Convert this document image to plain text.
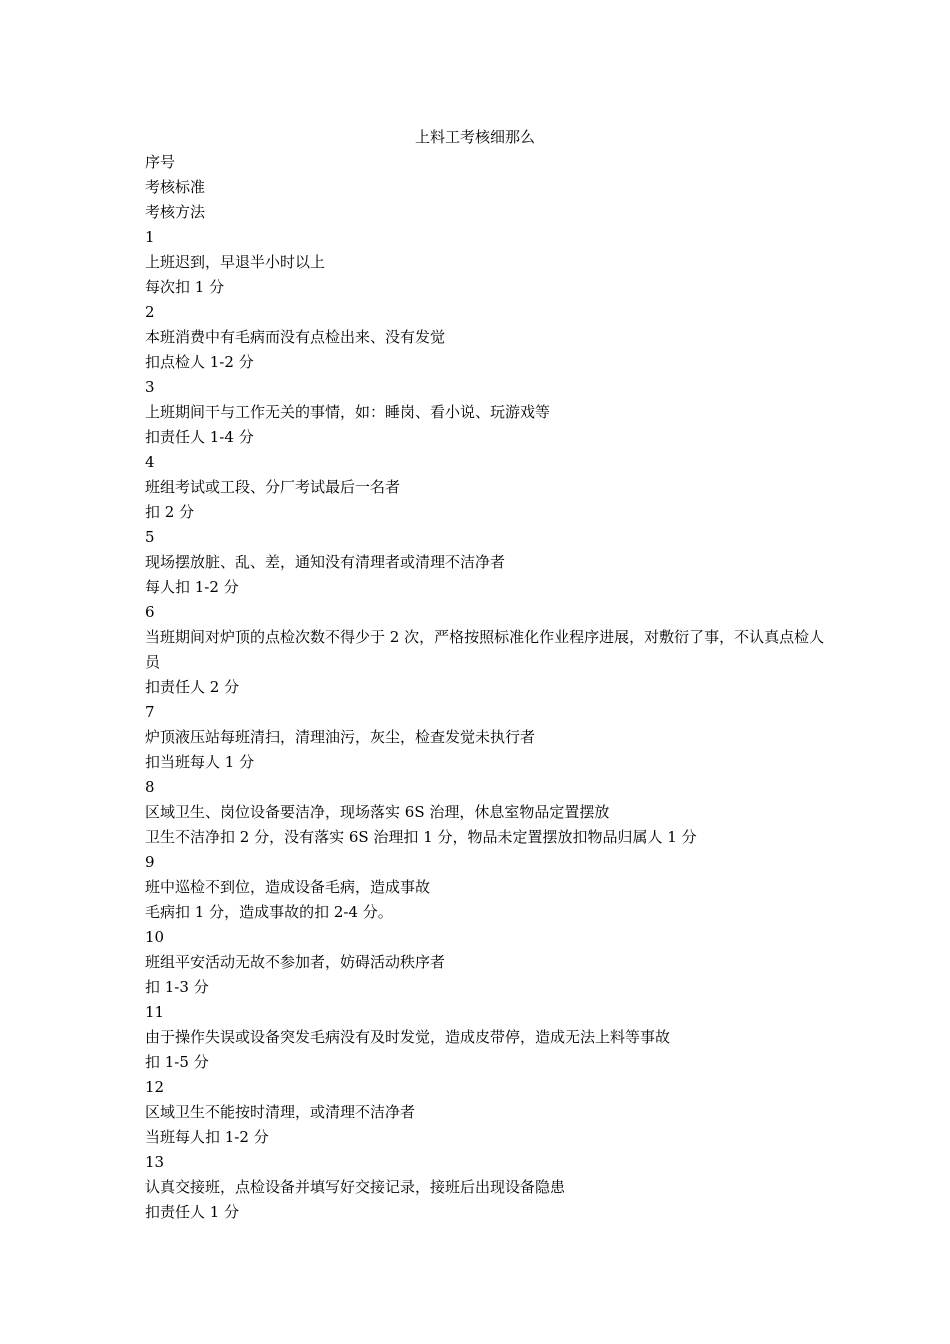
上料工考核细那么

序号

考核标准

考核方法

1

上班迟到，早退半小时以上

每次扣 1 分

2

本班消费中有毛病而没有点检出来、没有发觉

扣点检人 1-2 分

3

上班期间干与工作无关的事情，如：睡岗、看小说、玩游戏等

扣责任人 1-4 分

4

班组考试或工段、分厂考试最后一名者

扣 2 分

5

现场摆放脏、乱、差，通知没有清理者或清理不洁净者

每人扣 1-2 分

6

当班期间对炉顶的点检次数不得少于 2 次，严格按照标准化作业程序进展，对敷衍了事，不认真点检人员

扣责任人 2 分

7

炉顶液压站每班清扫，清理油污，灰尘，检查发觉未执行者

扣当班每人 1 分

8

区域卫生、岗位设备要洁净，现场落实 6S 治理，休息室物品定置摆放

卫生不洁净扣 2 分，没有落实 6S 治理扣 1 分，物品未定置摆放扣物品归属人 1 分

9

班中巡检不到位，造成设备毛病，造成事故

毛病扣 1 分，造成事故的扣 2-4 分。

10

班组平安活动无故不参加者，妨碍活动秩序者

扣 1-3 分

11

由于操作失误或设备突发毛病没有及时发觉，造成皮带停，造成无法上料等事故

扣 1-5 分

12

区域卫生不能按时清理，或清理不洁净者

当班每人扣 1-2 分

13

认真交接班，点检设备并填写好交接记录，接班后出现设备隐患

扣责任人 1 分
